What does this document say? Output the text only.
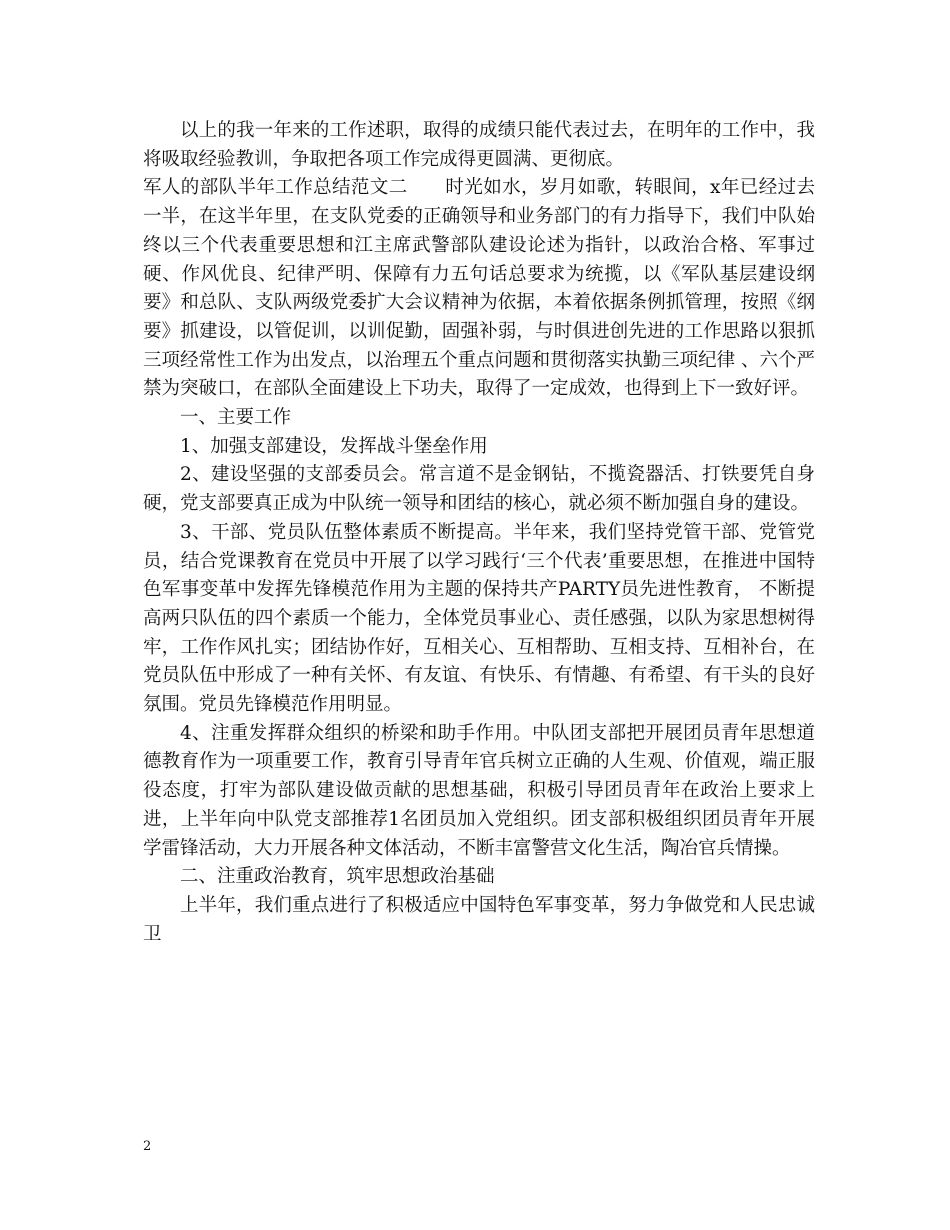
以上的我一年来的工作述职，取得的成绩只能代表过去，在明年的工作中，我将吸取经验教训，争取把各项工作完成得更圆满、更彻底。

军人的部队半年工作总结范文二　　时光如水，岁月如歌，转眼间，x年已经过去一半，在这半年里，在支队党委的正确领导和业务部门的有力指导下，我们中队始终以三个代表重要思想和江主席武警部队建设论述为指针，以政治合格、军事过硬、作风优良、纪律严明、保障有力五句话总要求为统揽，以《军队基层建设纲要》和总队、支队两级党委扩大会议精神为依据，本着依据条例抓管理，按照《纲要》抓建设，以管促训，以训促勤，固强补弱，与时俱进创先进的工作思路以狠抓三项经常性工作为出发点，以治理五个重点问题和贯彻落实执勤三项纪律 、六个严禁为突破口，在部队全面建设上下功夫，取得了一定成效，也得到上下一致好评。

一、主要工作

1、加强支部建设，发挥战斗堡垒作用

2、建设坚强的支部委员会。常言道不是金钢钻，不揽瓷器活、打铁要凭自身硬，党支部要真正成为中队统一领导和团结的核心，就必须不断加强自身的建设。

3、干部、党员队伍整体素质不断提高。半年来，我们坚持党管干部、党管党员，结合党课教育在党员中开展了以学习践行‘三个代表’重要思想，在推进中国特色军事变革中发挥先锋模范作用为主题的保持共产PARTY员先进性教育， 不断提高两只队伍的四个素质一个能力，全体党员事业心、责任感强，以队为家思想树得牢，工作作风扎实；团结协作好，互相关心、互相帮助、互相支持、互相补台，在党员队伍中形成了一种有关怀、有友谊、有快乐、有情趣、有希望、有干头的良好氛围。党员先锋模范作用明显。

4、注重发挥群众组织的桥梁和助手作用。中队团支部把开展团员青年思想道德教育作为一项重要工作，教育引导青年官兵树立正确的人生观、价值观，端正服役态度，打牢为部队建设做贡献的思想基础，积极引导团员青年在政治上要求上进，上半年向中队党支部推荐1名团员加入党组织。团支部积极组织团员青年开展学雷锋活动，大力开展各种文体活动，不断丰富警营文化生活，陶冶官兵情操。

二、注重政治教育，筑牢思想政治基础

上半年，我们重点进行了积极适应中国特色军事变革，努力争做党和人民忠诚卫

2
